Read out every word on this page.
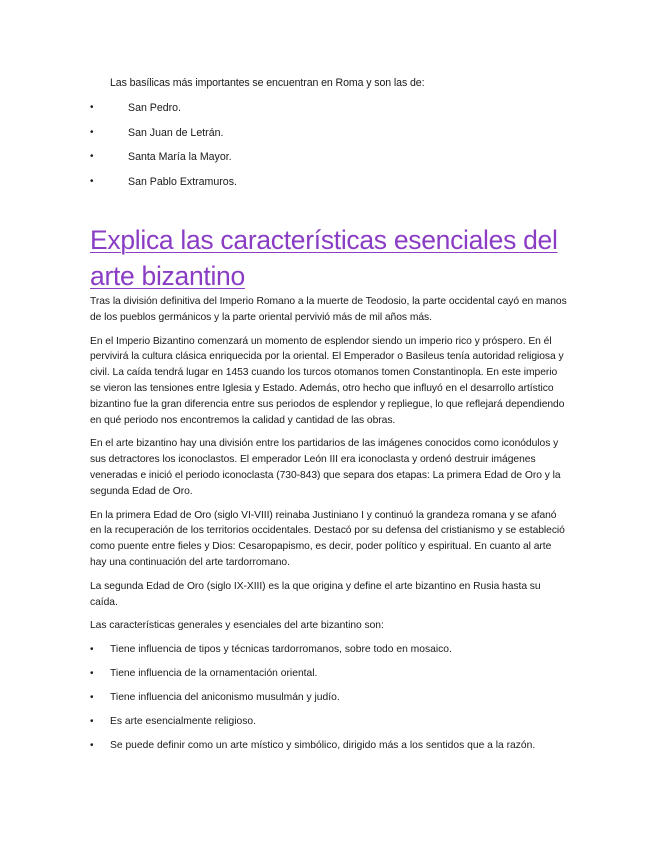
Las basílicas más importantes se encuentran en Roma y son las de:

•	San Pedro.
•	San Juan de Letrán.
•	Santa María la Mayor.
•	San Pablo Extramuros.
Explica las características esenciales del arte bizantino

Tras la división definitiva del Imperio Romano a la muerte de Teodosio, la parte occidental cayó en manos de los pueblos germánicos y la parte oriental pervivió más de mil años más.

En el Imperio Bizantino comenzará un momento de esplendor siendo un imperio rico y próspero. En él pervivirá la cultura clásica enriquecida por la oriental. El Emperador o Basileus tenía autoridad religiosa y civil. La caída tendrá lugar en 1453 cuando los turcos otomanos tomen Constantinopla. En este imperio se vieron las tensiones entre Iglesia y Estado. Además, otro hecho que influyó en el desarrollo artístico bizantino fue la gran diferencia entre sus periodos de esplendor y repliegue, lo que reflejará dependiendo en qué periodo nos encontremos la calidad y cantidad de las obras.

En el arte bizantino hay una división entre los partidarios de las imágenes conocidos como iconódulos y sus detractores los iconoclastos. El emperador León III era iconoclasta y ordenó destruir imágenes veneradas e inició el periodo iconoclasta (730-843) que separa dos etapas: La primera Edad de Oro y la segunda Edad de Oro.

En la primera Edad de Oro (siglo VI-VIII) reinaba Justiniano I y continuó la grandeza romana y se afanó en la recuperación de los territorios occidentales. Destacó por su defensa del cristianismo y se estableció como puente entre fieles y Dios: Cesaropapismo, es decir, poder político y espiritual. En cuanto al arte hay una continuación del arte tardorromano.

La segunda Edad de Oro (siglo IX-XIII) es la que origina y define el arte bizantino en Rusia hasta su caída.

Las características generales y esenciales del arte bizantino son:

• Tiene influencia de tipos y técnicas tardorromanos, sobre todo en mosaico.
• Tiene influencia de la ornamentación oriental.
• Tiene influencia del aniconismo musulmán y judío.
• Es arte esencialmente religioso.
• Se puede definir como un arte místico y simbólico, dirigido más a los sentidos que a la razón.
